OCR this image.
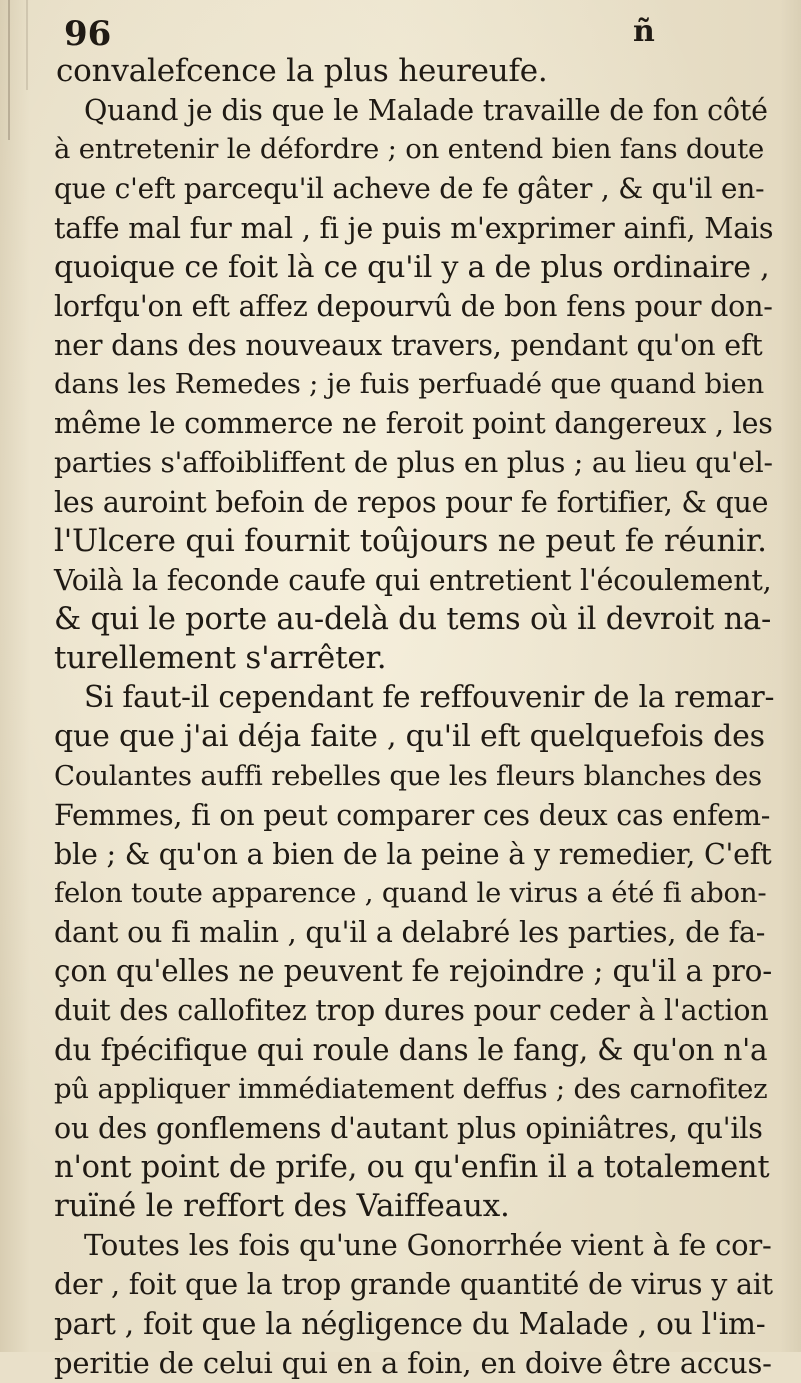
96	ñ
convalefcence la plus heureufe.
Quand je dis que le Malade travaille de fon côté
à entretenir le défordre ; on entend bien fans doute
que c'eft parcequ'il acheve de fe gâter , & qu'il en-
taffe mal fur mal , fi je puis m'exprimer ainfi, Mais
quoique ce foit là ce qu'il y a de plus ordinaire ,
lorfqu'on eft affez depourvû de bon fens pour don-
ner dans des nouveaux travers, pendant qu'on eft
dans les Remedes ; je fuis perfuadé que quand bien
même le commerce ne feroit point dangereux , les
parties s'affoibliffent de plus en plus ; au lieu qu'el-
les auroint befoin de repos pour fe fortifier, & que
l'Ulcere qui fournit toûjours ne peut fe réunir.
Voilà la feconde caufe qui entretient l'écoulement,
& qui le porte au-delà du tems où il devroit na-
turellement s'arrêter.
Si faut-il cependant fe reffouvenir de la remar-
que que j'ai déja faite , qu'il eft quelquefois des
Coulantes auffi rebelles que les fleurs blanches des
Femmes, fi on peut comparer ces deux cas enfem-
ble ; & qu'on a bien de la peine à y remedier, C'eft
felon toute apparence , quand le virus a été fi abon-
dant ou fi malin , qu'il a delabré les parties, de fa-
çon qu'elles ne peuvent fe rejoindre ; qu'il a pro-
duit des callofitez trop dures pour ceder à l'action
du fpécifique qui roule dans le fang, & qu'on n'a
pû appliquer immédiatement deffus ; des carnofitez
ou des gonflemens d'autant plus opiniâtres, qu'ils
n'ont point de prife, ou qu'enfin il a totalement
ruïné le reffort des Vaiffeaux.
Toutes les fois qu'une Gonorrhée vient à fe cor-
der , foit que la trop grande quantité de virus y ait
part , foit que la négligence du Malade , ou l'im-
peritie de celui qui en a foin, en doive être accus-
